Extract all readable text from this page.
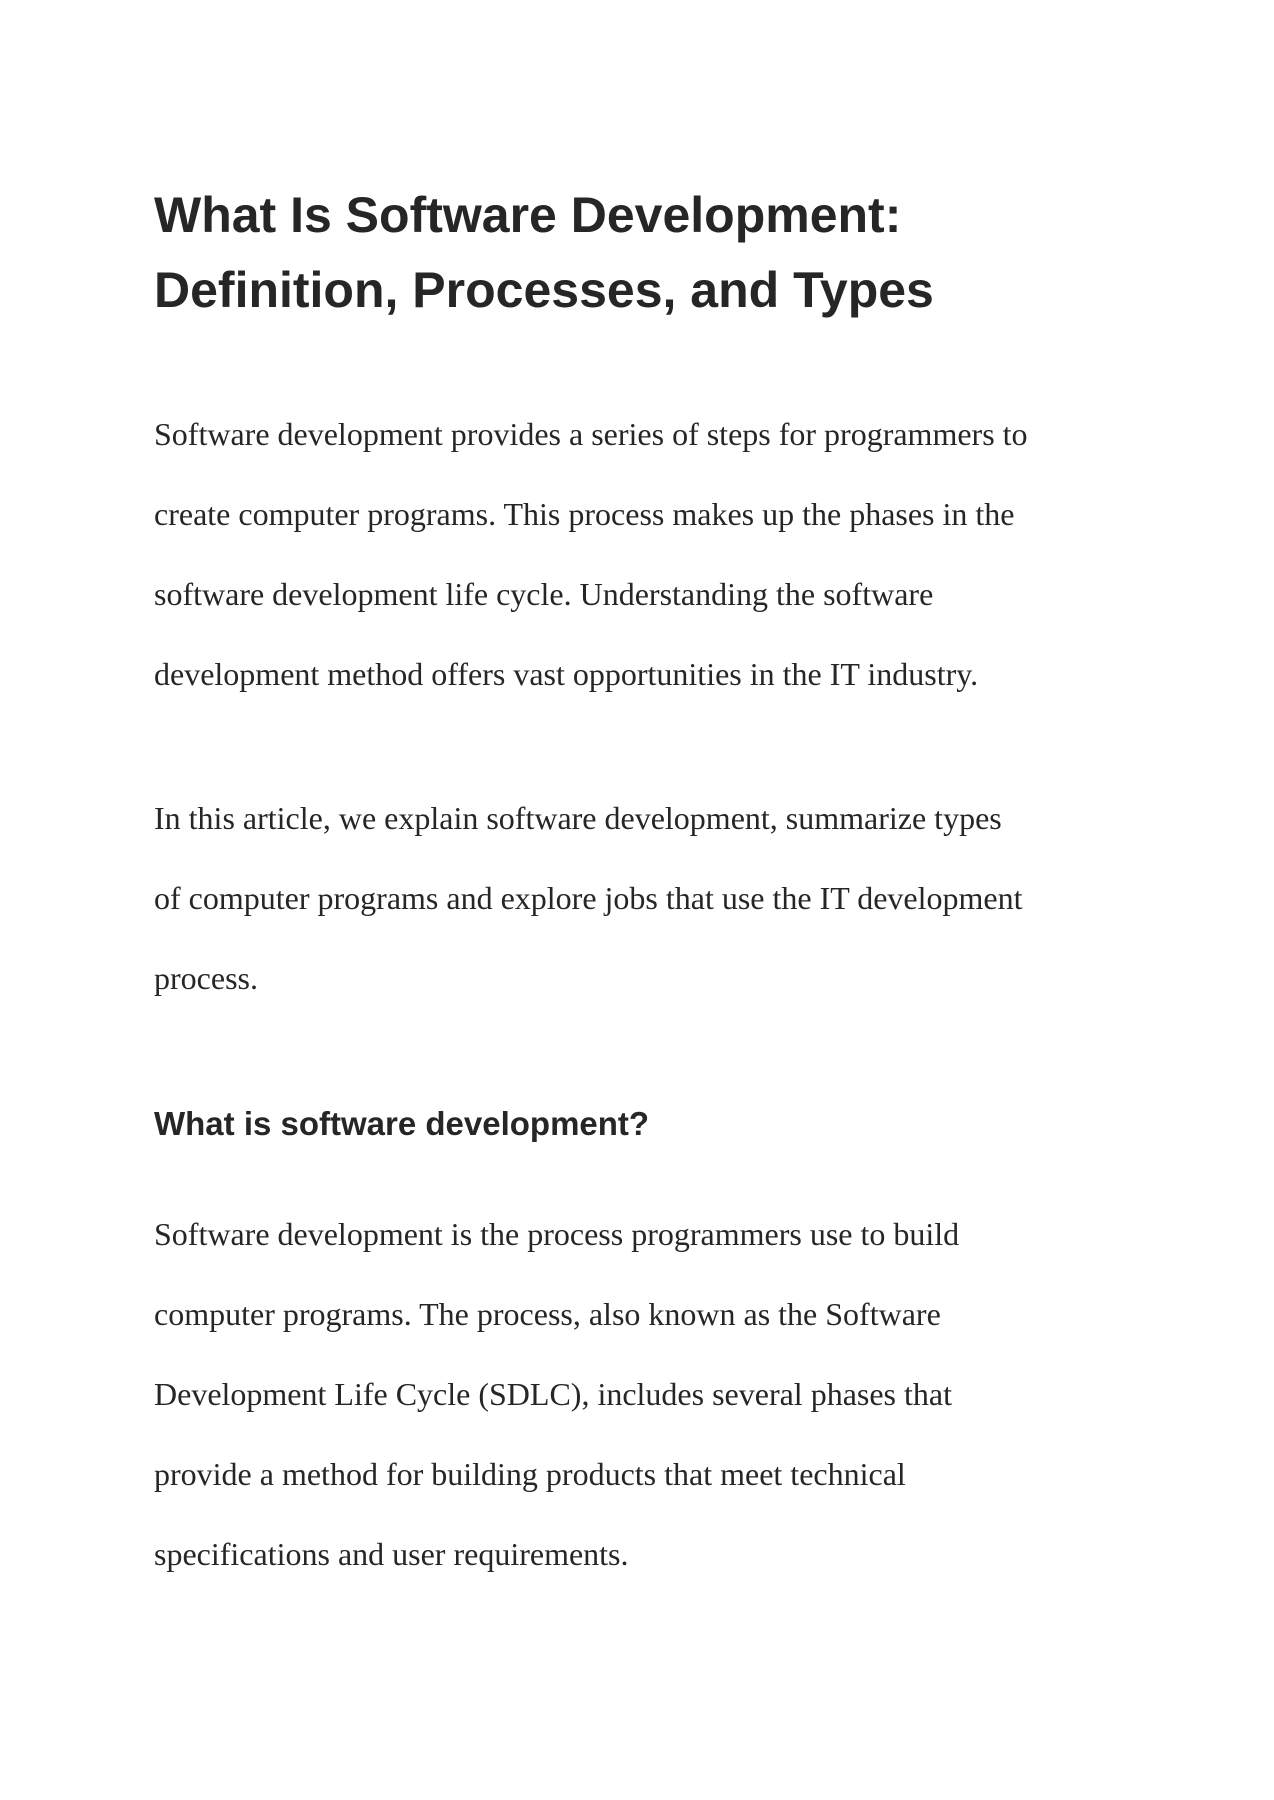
What Is Software Development:
Definition, Processes, and Types

Software development provides a series of steps for programmers to
create computer programs. This process makes up the phases in the
software development life cycle. Understanding the software
development method offers vast opportunities in the IT industry.

In this article, we explain software development, summarize types
of computer programs and explore jobs that use the IT development
process.

What is software development?

Software development is the process programmers use to build
computer programs. The process, also known as the Software
Development Life Cycle (SDLC), includes several phases that
provide a method for building products that meet technical
specifications and user requirements.
